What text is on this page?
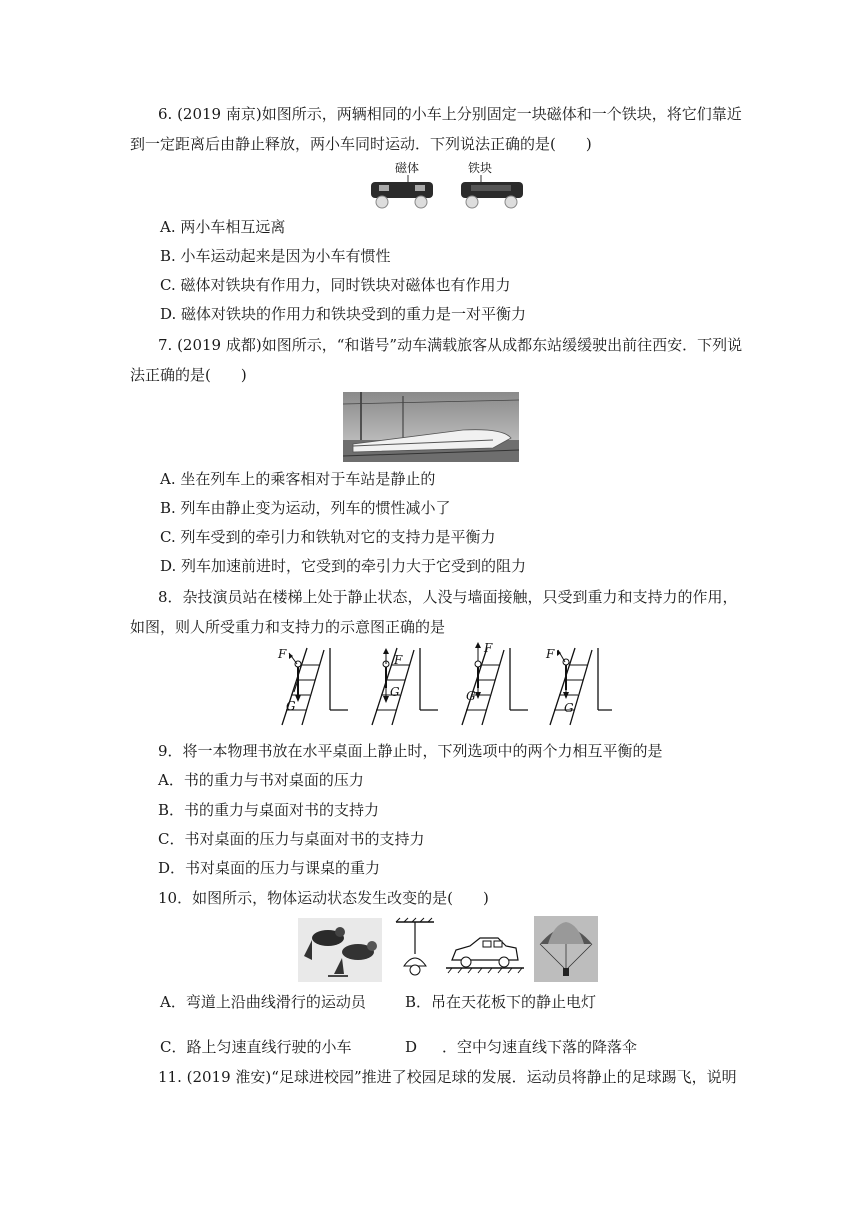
6. (2019 南京)如图所示，两辆相同的小车上分别固定一块磁体和一个铁块，将它们靠近
到一定距离后由静止释放，两小车同时运动．下列说法正确的是(　　)
磁体	铁块
A. 两小车相互远离
B. 小车运动起来是因为小车有惯性
C. 磁体对铁块有作用力，同时铁块对磁体也有作用力
D. 磁体对铁块的作用力和铁块受到的重力是一对平衡力
7. (2019 成都)如图所示，“和谐号”动车满载旅客从成都东站缓缓驶出前往西安．下列说
法正确的是(　　)
A. 坐在列车上的乘客相对于车站是静止的
B. 列车由静止变为运动，列车的惯性减小了
C. 列车受到的牵引力和铁轨对它的支持力是平衡力
D. 列车加速前进时，它受到的牵引力大于它受到的阻力
8．杂技演员站在楼梯上处于静止状态，人没与墙面接触，只受到重力和支持力的作用，
如图，则人所受重力和支持力的示意图正确的是
F
G
F
G
F
G
F
G
9．将一本物理书放在水平桌面上静止时，下列选项中的两个力相互平衡的是
A．书的重力与书对桌面的压力
B．书的重力与桌面对书的支持力
C．书对桌面的压力与桌面对书的支持力
D．书对桌面的压力与课桌的重力
10．如图所示，物体运动状态发生改变的是(　　)
A．弯道上沿曲线滑行的运动员	B．吊在天花板下的静止电灯
C．路上匀速直线行驶的小车	D ．空中匀速直线下落的降落伞
11. (2019 淮安)“足球进校园”推进了校园足球的发展．运动员将静止的足球踢飞，说明
